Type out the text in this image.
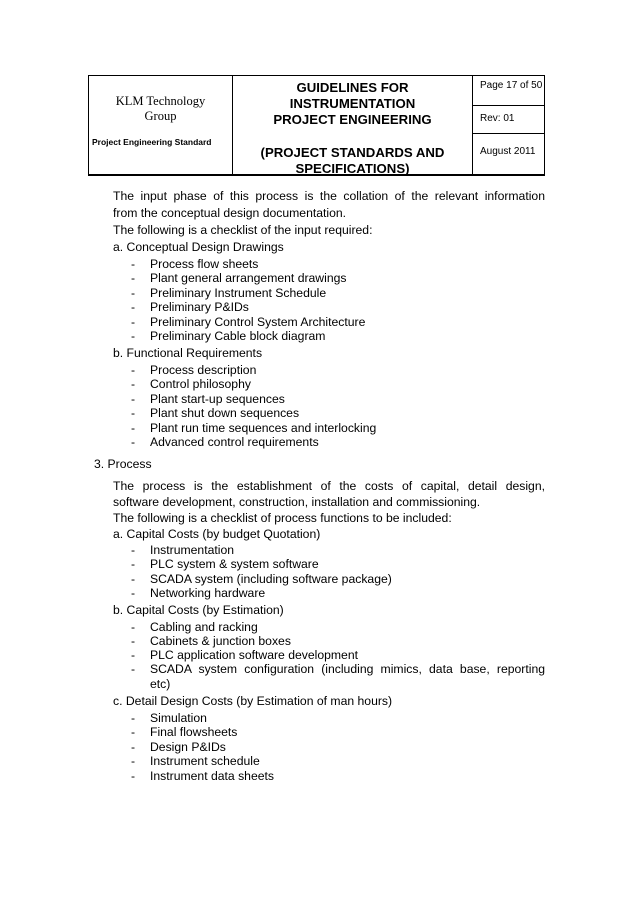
KLM Technology
Group
Project Engineering Standard
GUIDELINES FOR
INSTRUMENTATION
PROJECT ENGINEERING
(PROJECT STANDARDS AND
SPECIFICATIONS)
Page 17 of 50
Rev: 01
August 2011
The input phase of this process is the collation of the relevant information
from the conceptual design documentation.
The following is a checklist of the input required:
a. Conceptual Design Drawings
- Process flow sheets
- Plant general arrangement drawings
- Preliminary Instrument Schedule
- Preliminary P&IDs
- Preliminary Control System Architecture
- Preliminary Cable block diagram
b. Functional Requirements
- Process description
- Control philosophy
- Plant start-up sequences
- Plant shut down sequences
- Plant run time sequences and interlocking
- Advanced control requirements
3. Process
The process is the establishment of the costs of capital, detail design,
software development, construction, installation and commissioning.
The following is a checklist of process functions to be included:
a. Capital Costs (by budget Quotation)
- Instrumentation
- PLC system & system software
- SCADA system (including software package)
- Networking hardware
b. Capital Costs (by Estimation)
- Cabling and racking
- Cabinets & junction boxes
- PLC application software development
- SCADA system configuration (including mimics, data base, reporting
etc)
c. Detail Design Costs (by Estimation of man hours)
- Simulation
- Final flowsheets
- Design P&IDs
- Instrument schedule
- Instrument data sheets
